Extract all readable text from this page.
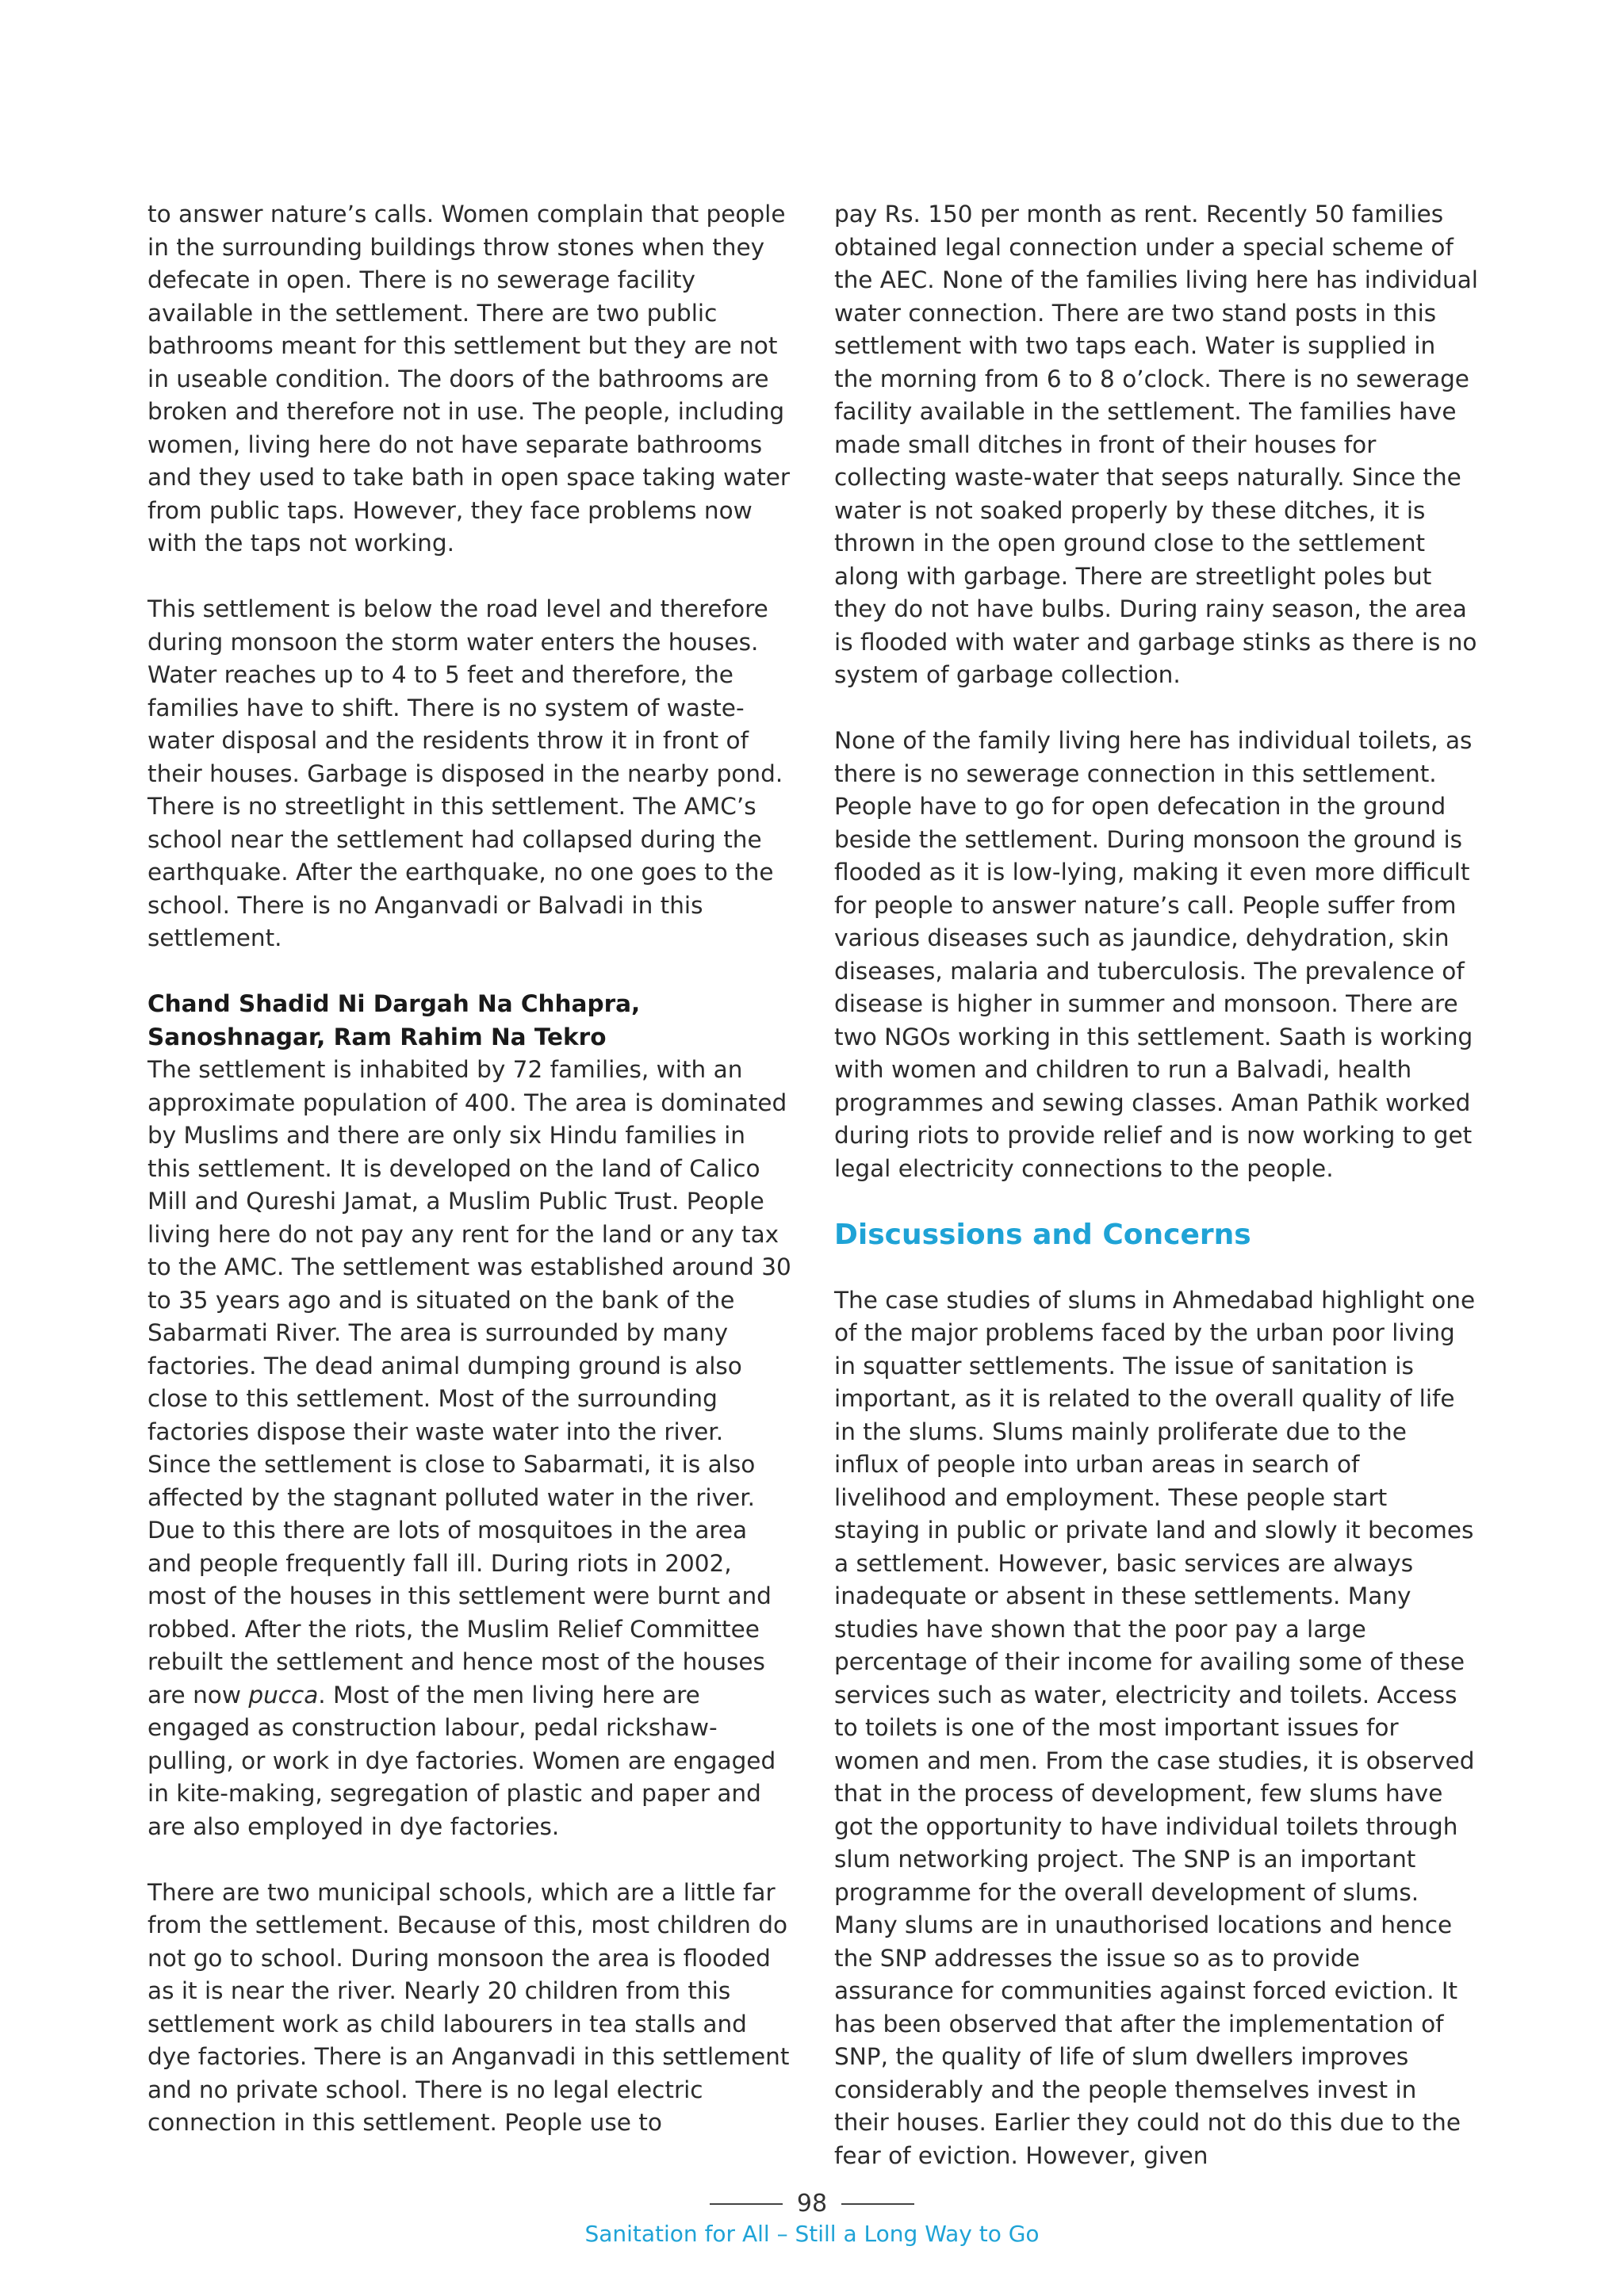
to answer nature’s calls. Women complain that people in the surrounding buildings throw stones when they defecate in open. There is no sewerage facility available in the settlement. There are two public bathrooms meant for this settlement but they are not in useable condition. The doors of the bathrooms are broken and therefore not in use. The people, including women, living here do not have separate bathrooms and they used to take bath in open space taking water from public taps. However, they face problems now with the taps not working.

This settlement is below the road level and therefore during monsoon the storm water enters the houses. Water reaches up to 4 to 5 feet and therefore, the families have to shift. There is no system of waste-water disposal and the residents throw it in front of their houses. Garbage is disposed in the nearby pond. There is no streetlight in this settlement. The AMC’s school near the settlement had collapsed during the earthquake. After the earthquake, no one goes to the school. There is no Anganvadi or Balvadi in this settlement.

Chand Shadid Ni Dargah Na Chhapra,
Sanoshnagar, Ram Rahim Na Tekro

The settlement is inhabited by 72 families, with an approximate population of 400. The area is dominated by Muslims and there are only six Hindu families in this settlement. It is developed on the land of Calico Mill and Qureshi Jamat, a Muslim Public Trust. People living here do not pay any rent for the land or any tax to the AMC. The settlement was established around 30 to 35 years ago and is situated on the bank of the Sabarmati River. The area is surrounded by many factories. The dead animal dumping ground is also close to this settlement. Most of the surrounding factories dispose their waste water into the river. Since the settlement is close to Sabarmati, it is also affected by the stagnant polluted water in the river. Due to this there are lots of mosquitoes in the area and people frequently fall ill. During riots in 2002, most of the houses in this settlement were burnt and robbed. After the riots, the Muslim Relief Committee rebuilt the settlement and hence most of the houses are now pucca. Most of the men living here are engaged as construction labour, pedal rickshaw-pulling, or work in dye factories. Women are engaged in kite-making, segregation of plastic and paper and are also employed in dye factories.

There are two municipal schools, which are a little far from the settlement. Because of this, most children do not go to school. During monsoon the area is flooded as it is near the river. Nearly 20 children from this settlement work as child labourers in tea stalls and dye factories. There is an Anganvadi in this settlement and no private school. There is no legal electric connection in this settlement. People use to

pay Rs. 150 per month as rent. Recently 50 families obtained legal connection under a special scheme of the AEC. None of the families living here has individual water connection. There are two stand posts in this settlement with two taps each. Water is supplied in the morning from 6 to 8 o’clock. There is no sewerage facility available in the settlement. The families have made small ditches in front of their houses for collecting waste-water that seeps naturally. Since the water is not soaked properly by these ditches, it is thrown in the open ground close to the settlement along with garbage. There are streetlight poles but they do not have bulbs. During rainy season, the area is flooded with water and garbage stinks as there is no system of garbage collection.

None of the family living here has individual toilets, as there is no sewerage connection in this settlement. People have to go for open defecation in the ground beside the settlement. During monsoon the ground is flooded as it is low-lying, making it even more difficult for people to answer nature’s call. People suffer from various diseases such as jaundice, dehydration, skin diseases, malaria and tuberculosis. The prevalence of disease is higher in summer and monsoon. There are two NGOs working in this settlement. Saath is working with women and children to run a Balvadi, health programmes and sewing classes. Aman Pathik worked during riots to provide relief and is now working to get legal electricity connections to the people.

Discussions and Concerns

The case studies of slums in Ahmedabad highlight one of the major problems faced by the urban poor living in squatter settlements. The issue of sanitation is important, as it is related to the overall quality of life in the slums. Slums mainly proliferate due to the influx of people into urban areas in search of livelihood and employment. These people start staying in public or private land and slowly it becomes a settlement. However, basic services are always inadequate or absent in these settlements. Many studies have shown that the poor pay a large percentage of their income for availing some of these services such as water, electricity and toilets. Access to toilets is one of the most important issues for women and men. From the case studies, it is observed that in the process of development, few slums have got the opportunity to have individual toilets through slum networking project. The SNP is an important programme for the overall development of slums. Many slums are in unauthorised locations and hence the SNP addresses the issue so as to provide assurance for communities against forced eviction. It has been observed that after the implementation of SNP, the quality of life of slum dwellers improves considerably and the people themselves invest in their houses. Earlier they could not do this due to the fear of eviction. However, given

98
Sanitation for All – Still a Long Way to Go
